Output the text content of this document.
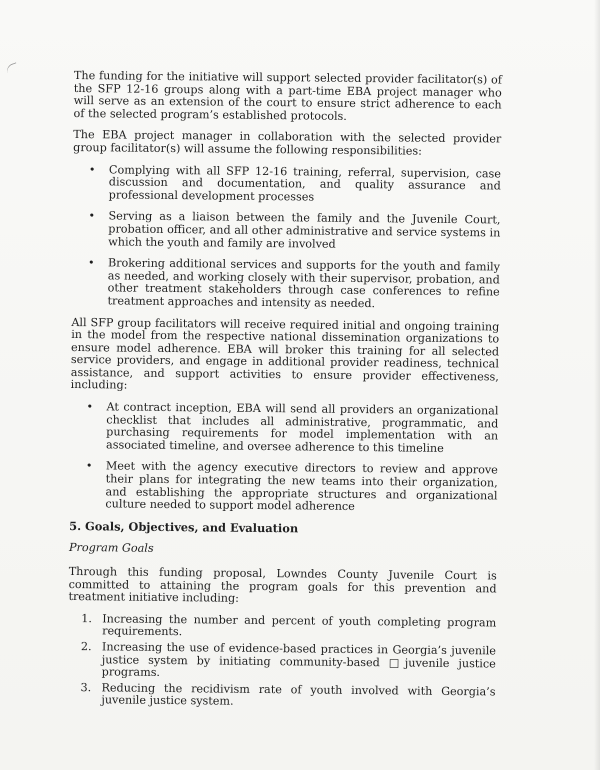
The funding for the initiative will support selected provider facilitator(s) of the SFP 12-16 groups along with a part-time EBA project manager who will serve as an extension of the court to ensure strict adherence to each of the selected program’s established protocols.

The EBA project manager in collaboration with the selected provider group facilitator(s) will assume the following responsibilities:

• Complying with all SFP 12-16 training, referral, supervision, case discussion and documentation, and quality assurance and professional development processes
• Serving as a liaison between the family and the Juvenile Court, probation officer, and all other administrative and service systems in which the youth and family are involved
• Brokering additional services and supports for the youth and family as needed, and working closely with their supervisor, probation, and other treatment stakeholders through case conferences to refine treatment approaches and intensity as needed.

All SFP group facilitators will receive required initial and ongoing training in the model from the respective national dissemination organizations to ensure model adherence. EBA will broker this training for all selected service providers, and engage in additional provider readiness, technical assistance, and support activities to ensure provider effectiveness, including:

• At contract inception, EBA will send all providers an organizational checklist that includes all administrative, programmatic, and purchasing requirements for model implementation with an associated timeline, and oversee adherence to this timeline
• Meet with the agency executive directors to review and approve their plans for integrating the new teams into their organization, and establishing the appropriate structures and organizational culture needed to support model adherence
5. Goals, Objectives, and Evaluation
Program Goals

Through this funding proposal, Lowndes County Juvenile Court is committed to attaining the program goals for this prevention and treatment initiative including:

1. Increasing the number and percent of youth completing program requirements.
2. Increasing the use of evidence-based practices in Georgia’s juvenile justice system by initiating community-based □juvenile justice programs.
3. Reducing the recidivism rate of youth involved with Georgia’s juvenile justice system.
